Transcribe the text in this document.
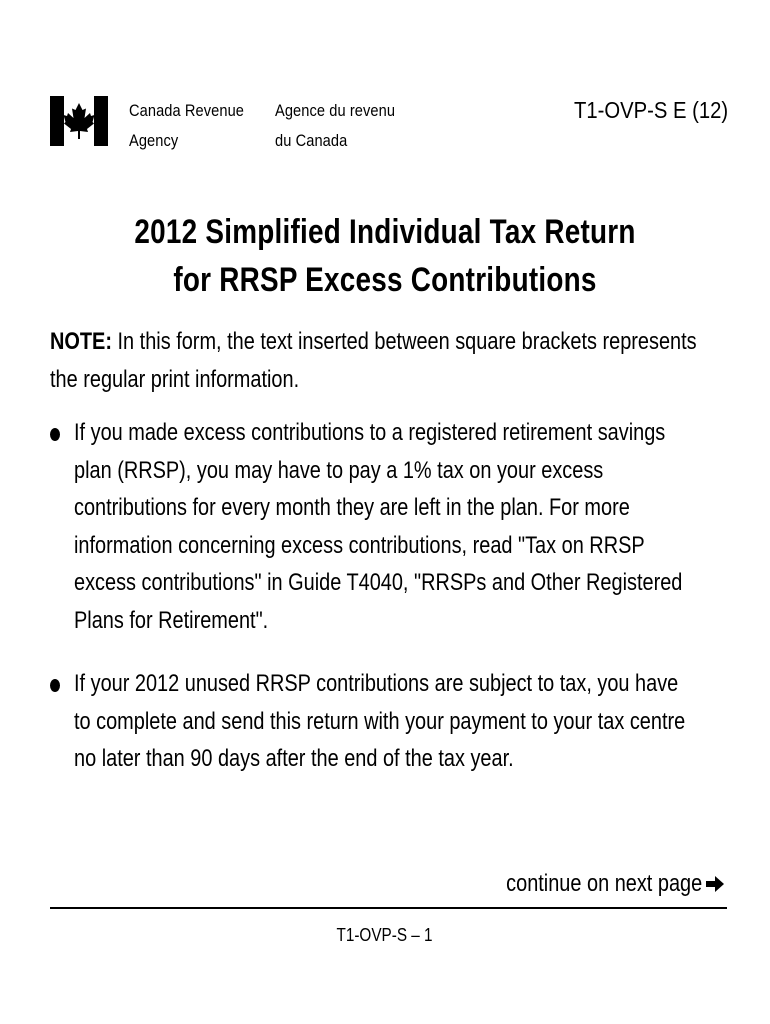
Canada Revenue
Agency
Agence du revenu
du Canada
T1-OVP-S E (12)
2012 Simplified Individual Tax Return
for RRSP Excess Contributions
NOTE: In this form, the text inserted between square brackets represents
the regular print information.
If you made excess contributions to a registered retirement savings
plan (RRSP), you may have to pay a 1% tax on your excess
contributions for every month they are left in the plan. For more
information concerning excess contributions, read "Tax on RRSP
excess contributions" in Guide T4040, "RRSPs and Other Registered
Plans for Retirement".
If your 2012 unused RRSP contributions are subject to tax, you have
to complete and send this return with your payment to your tax centre
no later than 90 days after the end of the tax year.
continue on next page
T1-OVP-S – 1
